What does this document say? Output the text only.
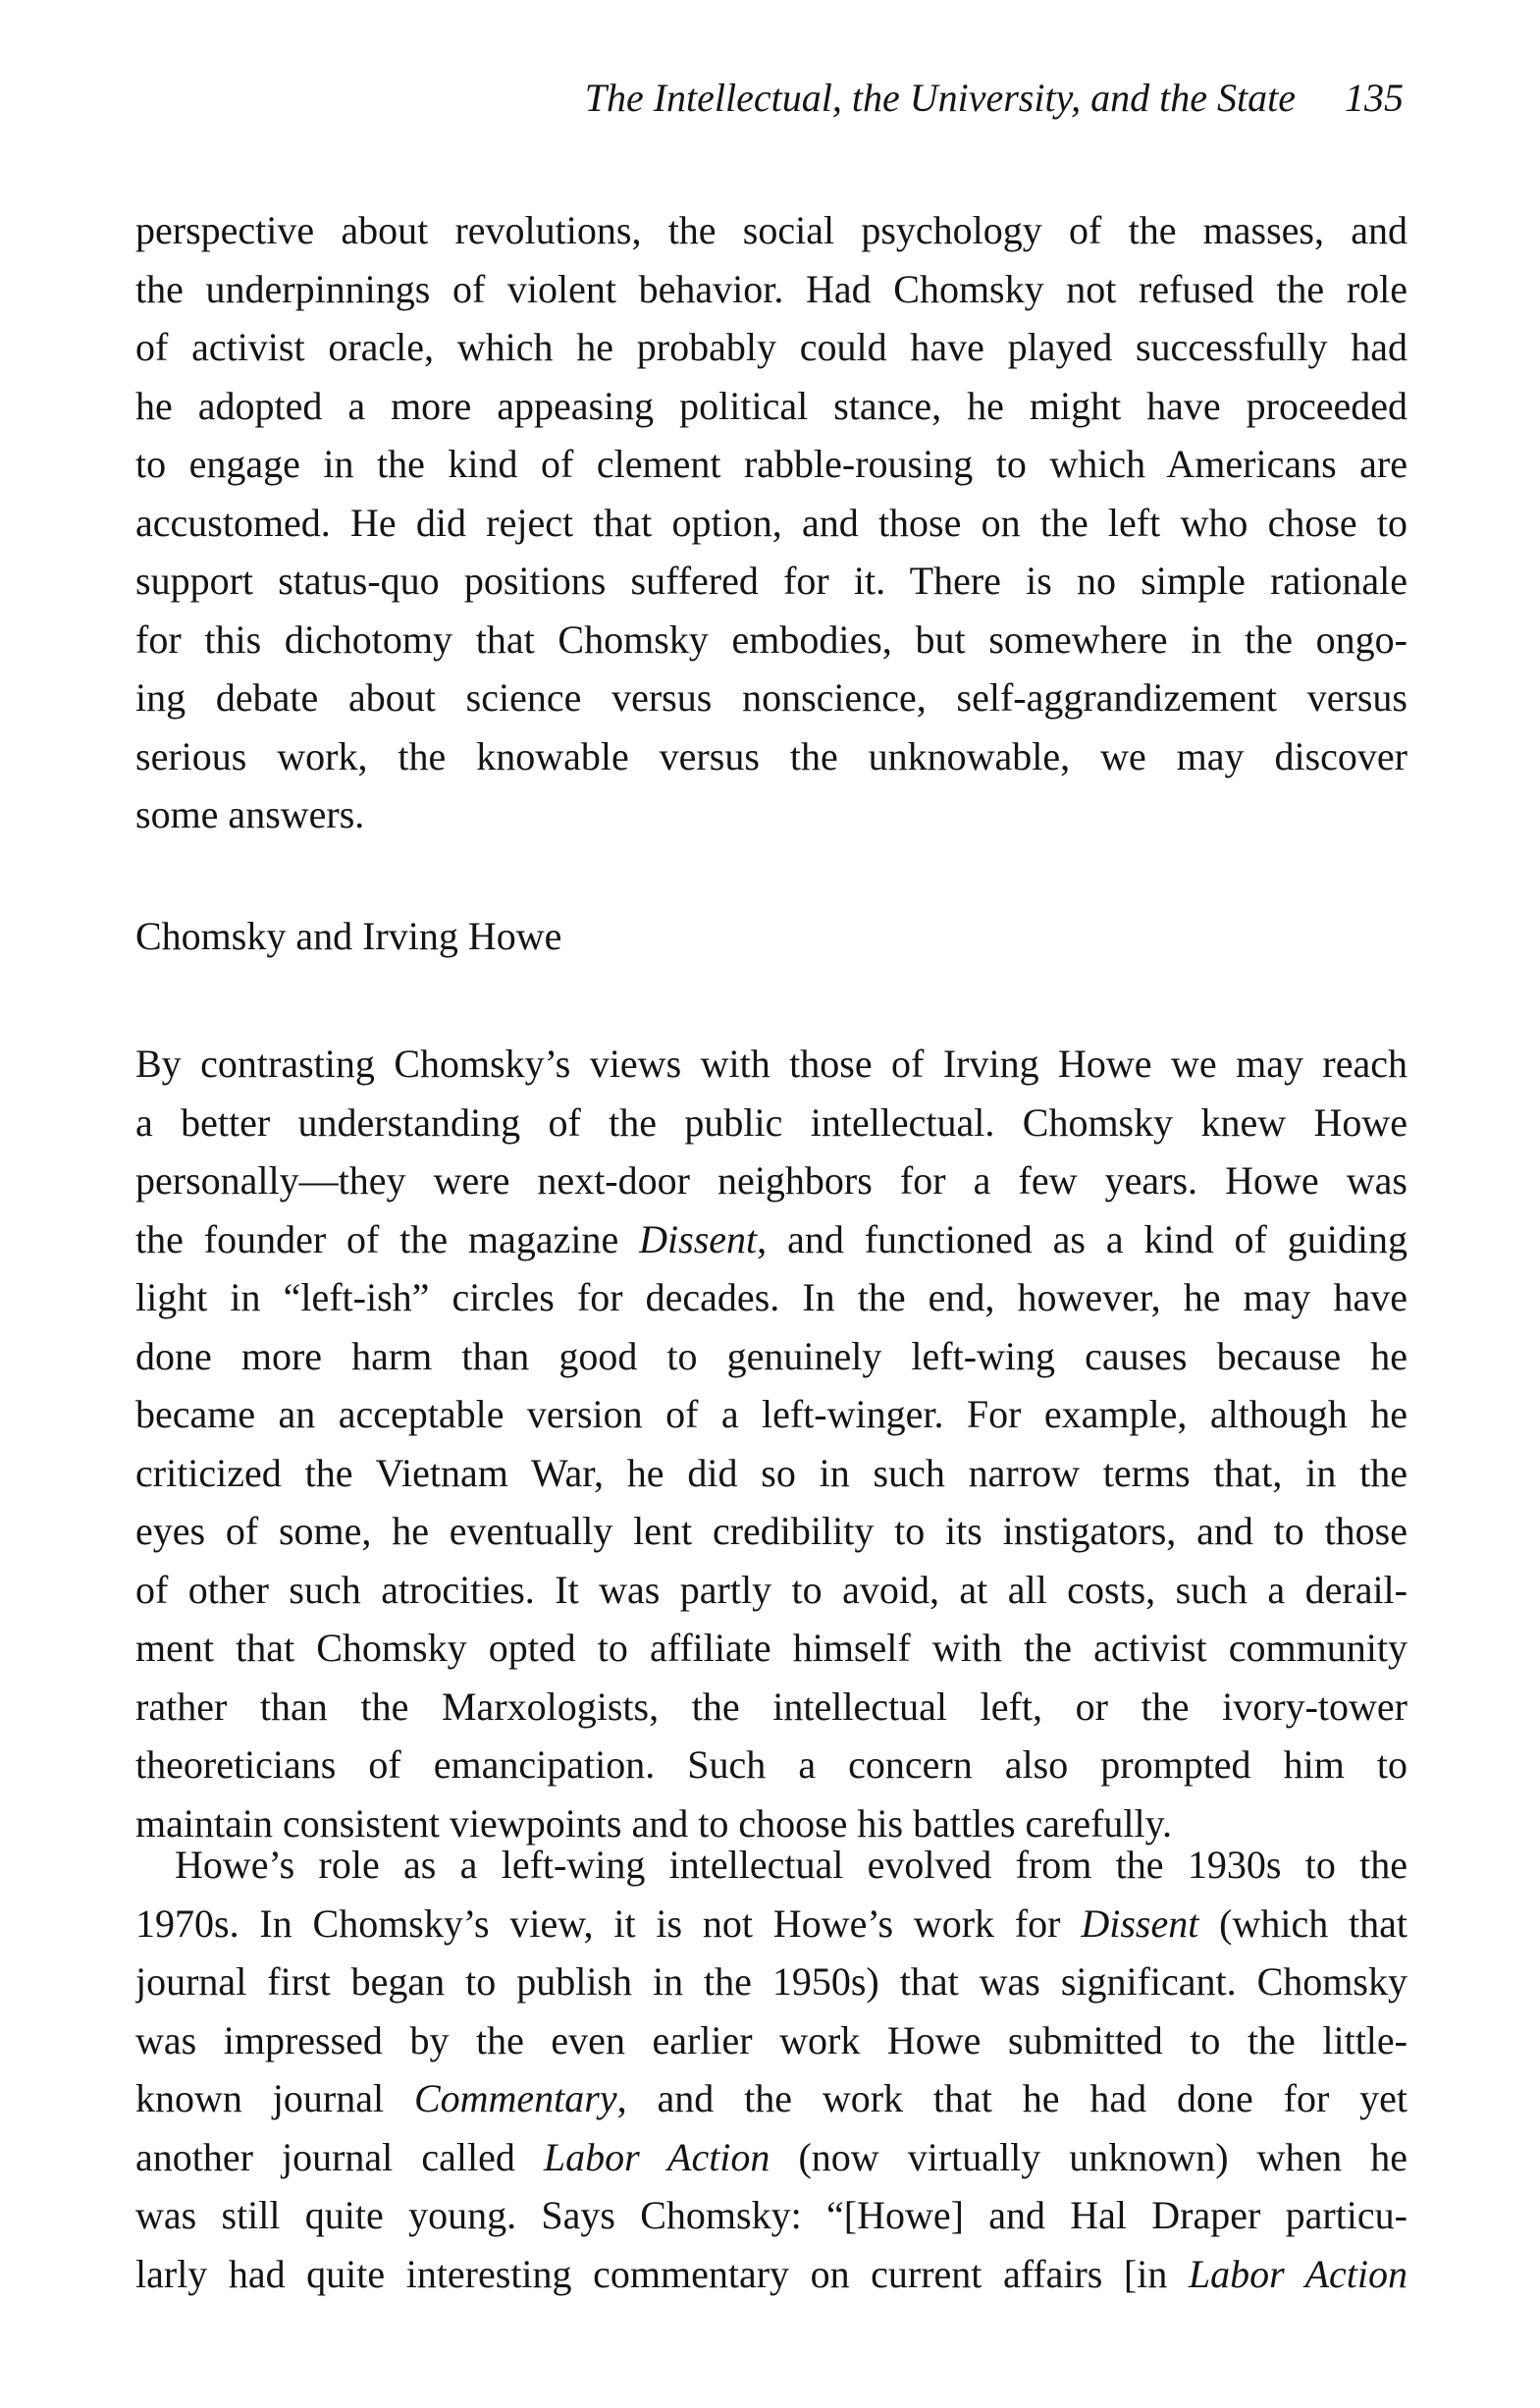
The Intellectual, the University, and the State 135
perspective about revolutions, the social psychology of the masses, and
the underpinnings of violent behavior. Had Chomsky not refused the role
of activist oracle, which he probably could have played successfully had
he adopted a more appeasing political stance, he might have proceeded
to engage in the kind of clement rabble-rousing to which Americans are
accustomed. He did reject that option, and those on the left who chose to
support status-quo positions suffered for it. There is no simple rationale
for this dichotomy that Chomsky embodies, but somewhere in the ongo-
ing debate about science versus nonscience, self-aggrandizement versus
serious work, the knowable versus the unknowable, we may discover
some answers.
Chomsky and Irving Howe
By contrasting Chomsky’s views with those of Irving Howe we may reach
a better understanding of the public intellectual. Chomsky knew Howe
personally—they were next-door neighbors for a few years. Howe was
the founder of the magazine Dissent, and functioned as a kind of guiding
light in “left-ish” circles for decades. In the end, however, he may have
done more harm than good to genuinely left-wing causes because he
became an acceptable version of a left-winger. For example, although he
criticized the Vietnam War, he did so in such narrow terms that, in the
eyes of some, he eventually lent credibility to its instigators, and to those
of other such atrocities. It was partly to avoid, at all costs, such a derail-
ment that Chomsky opted to affiliate himself with the activist community
rather than the Marxologists, the intellectual left, or the ivory-tower
theoreticians of emancipation. Such a concern also prompted him to
maintain consistent viewpoints and to choose his battles carefully.
Howe’s role as a left-wing intellectual evolved from the 1930s to the
1970s. In Chomsky’s view, it is not Howe’s work for Dissent (which that
journal first began to publish in the 1950s) that was significant. Chomsky
was impressed by the even earlier work Howe submitted to the little-
known journal Commentary, and the work that he had done for yet
another journal called Labor Action (now virtually unknown) when he
was still quite young. Says Chomsky: “[Howe] and Hal Draper particu-
larly had quite interesting commentary on current affairs [in Labor Action
